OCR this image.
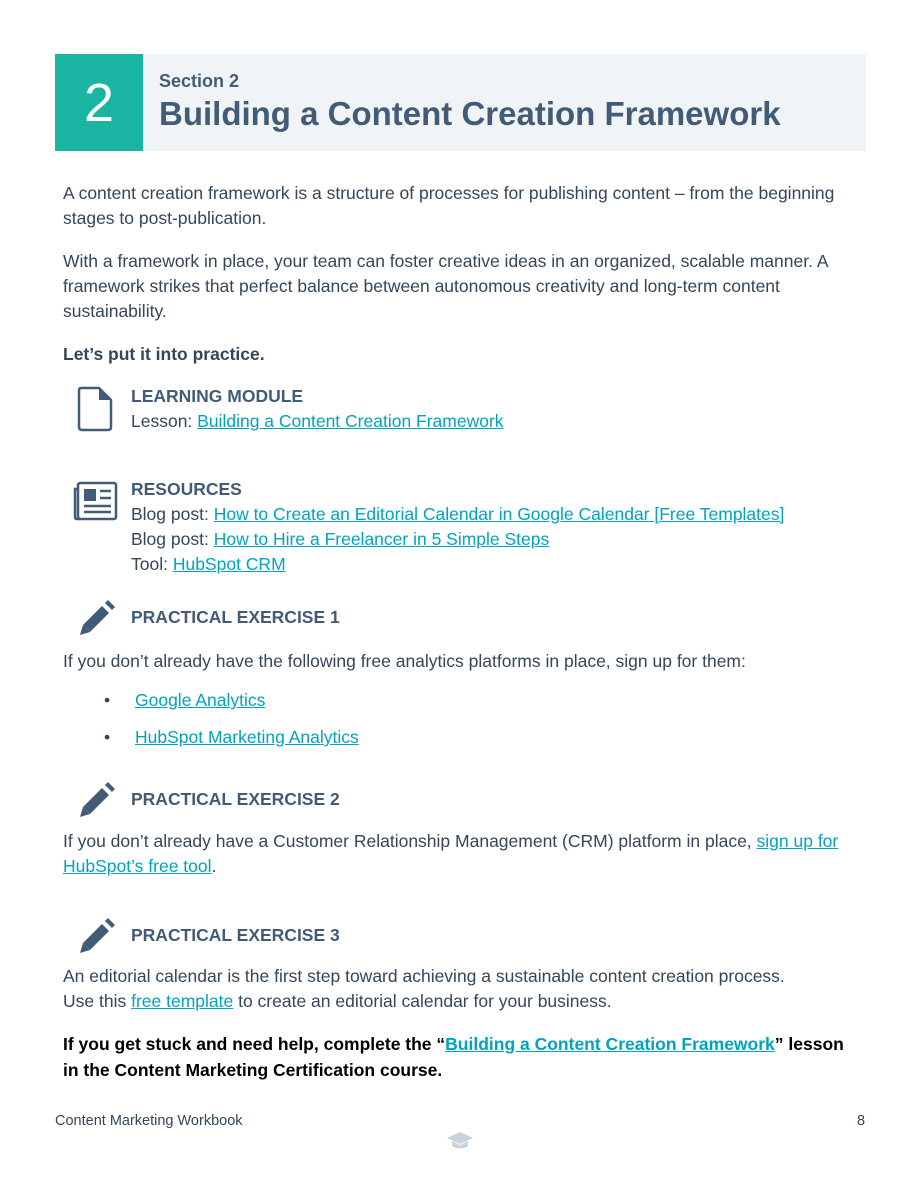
2	Section 2
Building a Content Creation Framework

A content creation framework is a structure of processes for publishing content – from the beginning stages to post-publication.

With a framework in place, your team can foster creative ideas in an organized, scalable manner. A framework strikes that perfect balance between autonomous creativity and long-term content sustainability.

Let’s put it into practice.

LEARNING MODULE
Lesson: Building a Content Creation Framework
RESOURCES
Blog post: How to Create an Editorial Calendar in Google Calendar [Free Templates]
Blog post: How to Hire a Freelancer in 5 Simple Steps
Tool: HubSpot CRM
PRACTICAL EXERCISE 1

If you don’t already have the following free analytics platforms in place, sign up for them:

• Google Analytics
• HubSpot Marketing Analytics
PRACTICAL EXERCISE 2

If you don’t already have a Customer Relationship Management (CRM) platform in place, sign up for HubSpot’s free tool.

PRACTICAL EXERCISE 3

An editorial calendar is the first step toward achieving a sustainable content creation process.

Use this free template to create an editorial calendar for your business.

If you get stuck and need help, complete the “Building a Content Creation Framework” lesson in the Content Marketing Certification course.

Content Marketing Workbook	8
